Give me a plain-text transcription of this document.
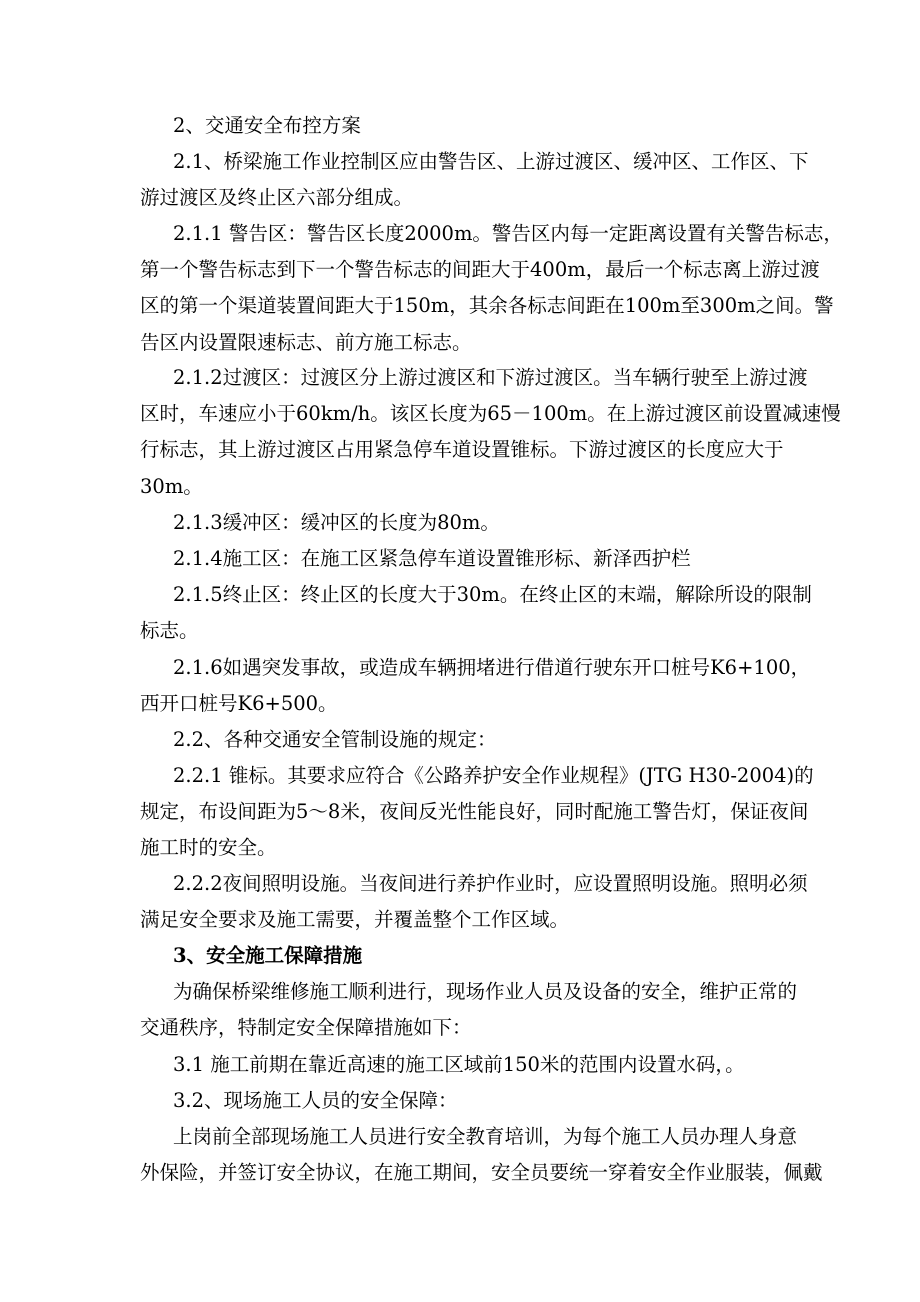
2、交通安全布控方案

2.1、桥梁施工作业控制区应由警告区、上游过渡区、缓冲区、工作区、下
游过渡区及终止区六部分组成。

2.1.1 警告区：警告区长度2000m。警告区内每一定距离设置有关警告标志，
第一个警告标志到下一个警告标志的间距大于400m，最后一个标志离上游过渡
区的第一个渠道装置间距大于150m，其余各标志间距在100m至300m之间。警
告区内设置限速标志、前方施工标志。

2.1.2过渡区：过渡区分上游过渡区和下游过渡区。当车辆行驶至上游过渡
区时，车速应小于60km/h。该区长度为65－100m。在上游过渡区前设置减速慢
行标志，其上游过渡区占用紧急停车道设置锥标。下游过渡区的长度应大于
30m。

2.1.3缓冲区：缓冲区的长度为80m。

2.1.4施工区：在施工区紧急停车道设置锥形标、新泽西护栏

2.1.5终止区：终止区的长度大于30m。在终止区的末端，解除所设的限制
标志。

2.1.6如遇突发事故，或造成车辆拥堵进行借道行驶东开口桩号K6+100，
西开口桩号K6+500。

2.2、各种交通安全管制设施的规定：

2.2.1 锥标。其要求应符合《公路养护安全作业规程》(JTG H30-2004)的
规定，布设间距为5～8米，夜间反光性能良好，同时配施工警告灯，保证夜间
施工时的安全。

2.2.2夜间照明设施。当夜间进行养护作业时，应设置照明设施。照明必须
满足安全要求及施工需要，并覆盖整个工作区域。

3、安全施工保障措施

为确保桥梁维修施工顺利进行，现场作业人员及设备的安全，维护正常的
交通秩序，特制定安全保障措施如下：

3.1 施工前期在靠近高速的施工区域前150米的范围内设置水码，。

3.2、现场施工人员的安全保障：

上岗前全部现场施工人员进行安全教育培训，为每个施工人员办理人身意
外保险，并签订安全协议，在施工期间，安全员要统一穿着安全作业服装，佩戴
